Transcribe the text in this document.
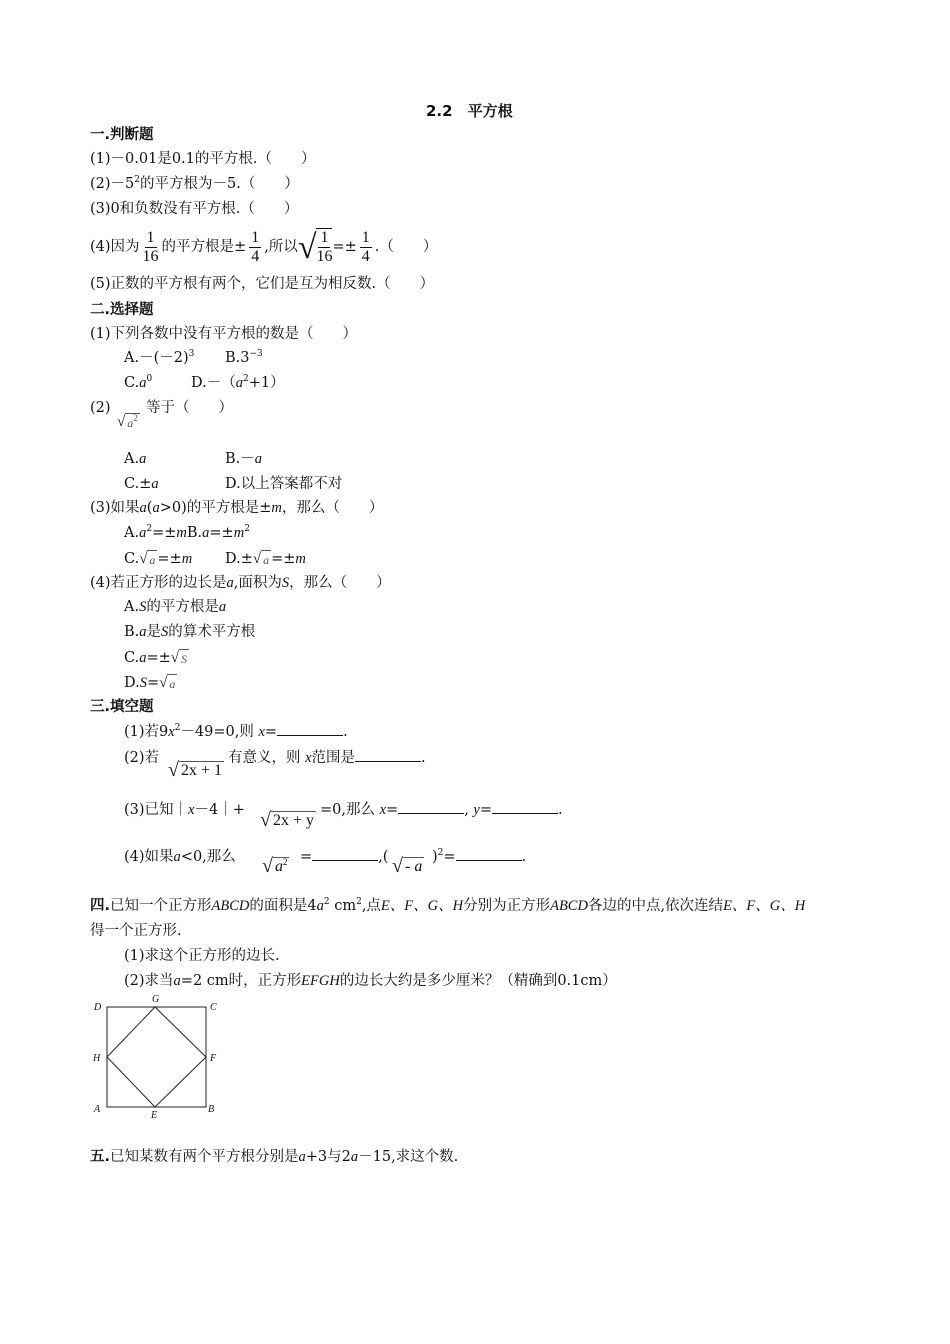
2.2　平方根
一.判断题
(1)－0.01是0.1的平方根.（　　）
$(2)-5^2$的平方根为－5.（　　）
(3)0和负数没有平方根.（　　）
(4)因为 $\frac{1}{16}$ 的平方根是± $\frac{1}{4}$ ,所以 √ 1
16
=± $\frac{1}{4}$ .（　　）
(5)正数的平方根有两个，它们是互为相反数.（　　）
二.选择题
(1)下列各数中没有平方根的数是（　　）
$A.-(-2)^3$ $B.3^{-3}$
$C.a^0$	$D.-(a^2+1)$
(2)
√ $a^2$
等于（　　）
A.a	B.－a
C.±a	D.以上答案都不对
(3)如果a(a>0)的平方根是±m，那么（　　）
$A.a^2=\pm mB.a=\pm m^2$
C. √ a =±m D.± √ a =±m
(4)若正方形的边长是a,面积为S，那么（　　）
A.S的平方根是a
B.a是S的算术平方根
C.a=± √ S
D.S= √ a
三.填空题
(1)若$9x^2-49=0$,则 x=	.
(2)若
√ 2x + 1
有意义，则 x范围是	.
(3)已知｜x－4｜+ √ 2x + y
=0,那么 x=	, y=	.
(4)如果a<0,那么 √ $a^2$ =	,( √ - a
)$^2$=	.
四.已知一个正方形ABCD的面积是$4a^2$ $cm^2$,点E、F、G、H分别为正方形ABCD各边的中点,依次连结E、F、G、H
得一个正方形.
(1)求这个正方形的边长.
(2)求当a=2 cm时，正方形EFGH的边长大约是多少厘米？（精确到0.1cm）
D	C
H	F
A	B
E
G
五.已知某数有两个平方根分别是a+3与2a－15,求这个数.
